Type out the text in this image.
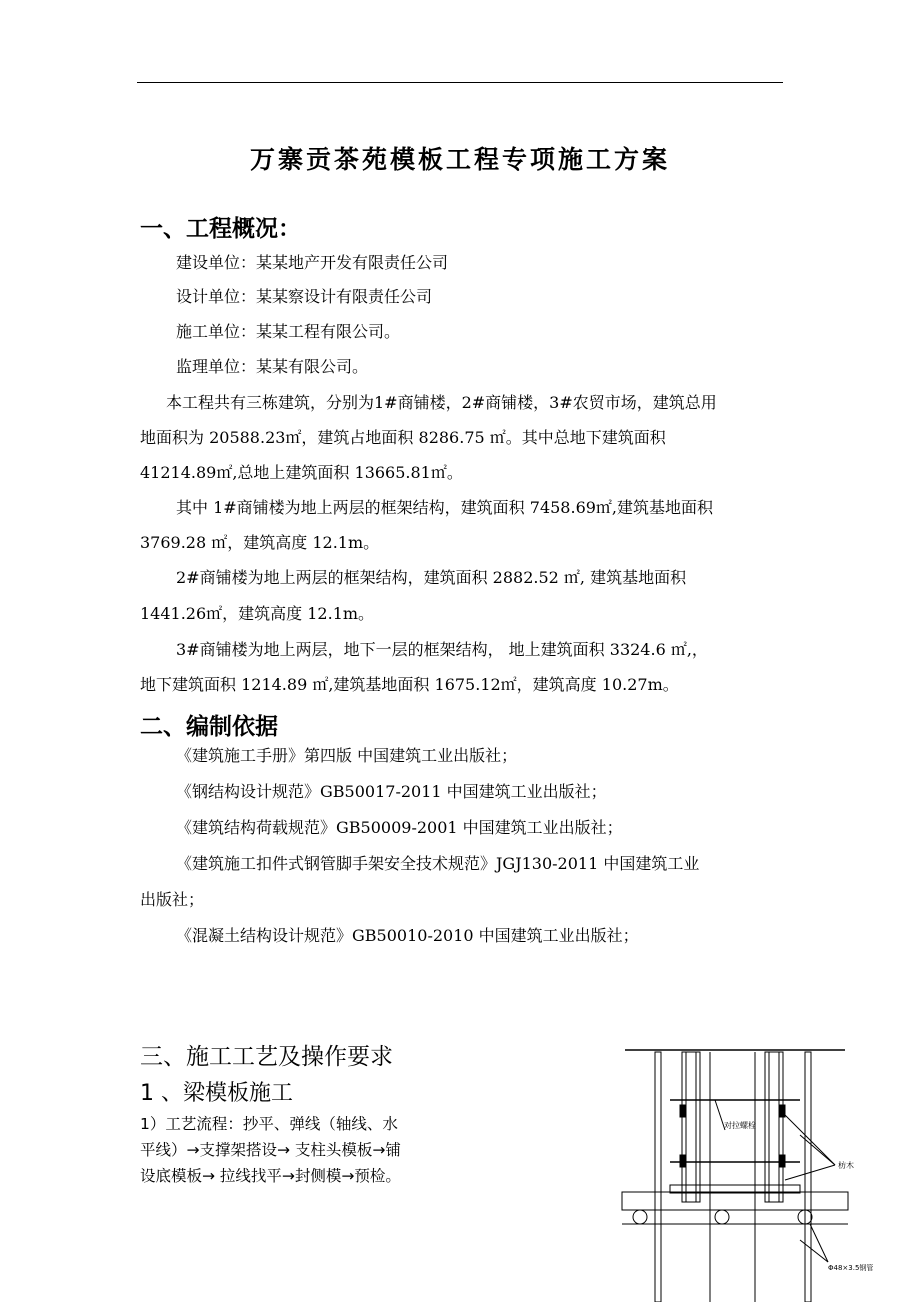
万寨贡茶苑模板工程专项施工方案
一、工程概况：
建设单位：某某地产开发有限责任公司
设计单位：某某察设计有限责任公司
施工单位：某某工程有限公司。
监理单位：某某有限公司。
本工程共有三栋建筑，分别为1#商铺楼，2#商铺楼，3#农贸市场，建筑总用
地面积为 20588.23㎡，建筑占地面积 8286.75 ㎡。其中总地下建筑面积
41214.89㎡,总地上建筑面积 13665.81㎡。
其中 1#商铺楼为地上两层的框架结构，建筑面积 7458.69㎡,建筑基地面积
3769.28 ㎡，建筑高度 12.1m。
2#商铺楼为地上两层的框架结构，建筑面积 2882.52 ㎡, 建筑基地面积
1441.26㎡，建筑高度 12.1m。
3#商铺楼为地上两层，地下一层的框架结构， 地上建筑面积 3324.6 ㎡,，
地下建筑面积 1214.89 ㎡,建筑基地面积 1675.12㎡，建筑高度 10.27m。
二、编制依据
《建筑施工手册》第四版 中国建筑工业出版社；
《钢结构设计规范》GB50017-2011 中国建筑工业出版社；
《建筑结构荷载规范》GB50009-2001 中国建筑工业出版社；
《建筑施工扣件式钢管脚手架安全技术规范》JGJ130-2011 中国建筑工业
出版社；
《混凝土结构设计规范》GB50010-2010 中国建筑工业出版社；
三、施工工艺及操作要求
1 、梁模板施工
1）工艺流程：抄平、弹线（轴线、水
平线）→支撑架搭设→ 支柱头模板→铺
设底模板→ 拉线找平→封侧模→预检。
对拉螺栓
枋木
Φ48×3.5钢管
